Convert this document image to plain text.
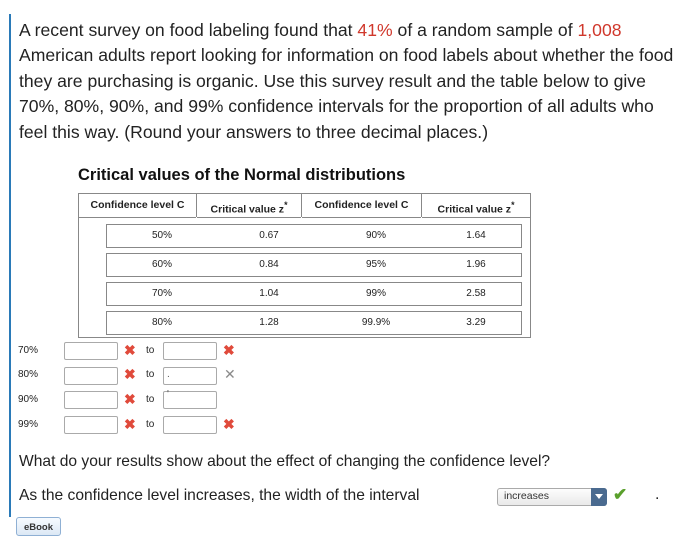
A recent survey on food labeling found that 41% of a random sample of 1,008 American adults report looking for information on food labels about whether the food they are purchasing is organic. Use this survey result and the table below to give 70%, 80%, 90%, and 99% confidence intervals for the proportion of all adults who feel this way. (Round your answers to three decimal places.)
Critical values of the Normal distributions
Confidence level C	Critical value z*	Confidence level C	Critical value z*
50%	0.67	90%	1.64
60%	0.84	95%	1.96
70%	1.04	99%	2.58
80%	1.28	99.9%	3.29
70%	✖ to	✖
80%	✖ to .	✕
90%	✖ to '
99%	✖ to	✖
What do your results show about the effect of changing the confidence level?
As the confidence level increases, the width of the interval	increases	✔ .
eBook
